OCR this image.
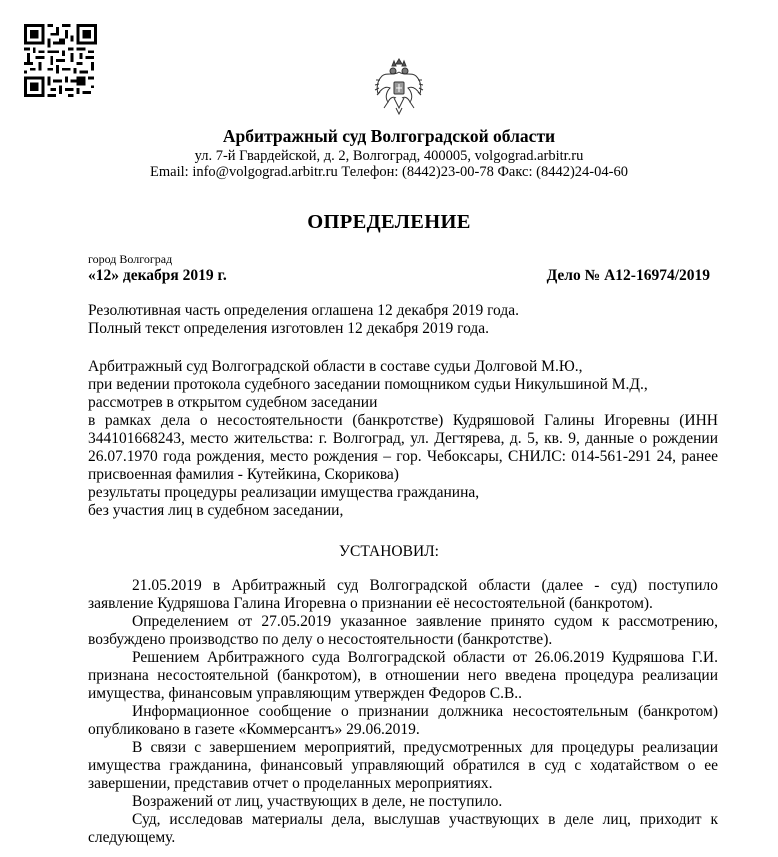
Арбитражный суд Волгоградской области
ул. 7-й Гвардейской, д. 2, Волгоград, 400005, volgograd.arbitr.ru
Email: info@volgograd.arbitr.ru Телефон: (8442)23-00-78 Факс: (8442)24-04-60
ОПРЕДЕЛЕНИЕ
город Волгоград
«12» декабря 2019 г.	Дело № А12-16974/2019
Резолютивная часть определения оглашена 12 декабря 2019 года.
Полный текст определения изготовлен 12 декабря 2019 года.
Арбитражный суд Волгоградской области в составе судьи Долговой М.Ю.,
при ведении протокола судебного заседании помощником судьи Никульшиной М.Д.,
рассмотрев в открытом судебном заседании
в рамках дела о несостоятельности (банкротстве) Кудряшовой Галины Игоревны (ИНН 344101668243, место жительства: г. Волгоград, ул. Дегтярева, д. 5, кв. 9, данные о рождении 26.07.1970 года рождения, место рождения – гор. Чебоксары, СНИЛС: 014-561-291 24, ранее присвоенная фамилия - Кутейкина, Скорикова)
результаты процедуры реализации имущества гражданина,
без участия лиц в судебном заседании,
УСТАНОВИЛ:
21.05.2019 в Арбитражный суд Волгоградской области (далее - суд) поступило заявление Кудряшова Галина Игоревна о признании её несостоятельной (банкротом).
Определением от 27.05.2019 указанное заявление принято судом к рассмотрению, возбуждено производство по делу о несостоятельности (банкротстве).
Решением Арбитражного суда Волгоградской области от 26.06.2019 Кудряшова Г.И. признана несостоятельной (банкротом), в отношении него введена процедура реализации имущества, финансовым управляющим утвержден Федоров С.В..
Информационное сообщение о признании должника несостоятельным (банкротом) опубликовано в газете «Коммерсантъ» 29.06.2019.
В связи с завершением мероприятий, предусмотренных для процедуры реализации имущества гражданина, финансовый управляющий обратился в суд с ходатайством о ее завершении, представив отчет о проделанных мероприятиях.
Возражений от лиц, участвующих в деле, не поступило.
Суд, исследовав материалы дела, выслушав участвующих в деле лиц, приходит к следующему.
